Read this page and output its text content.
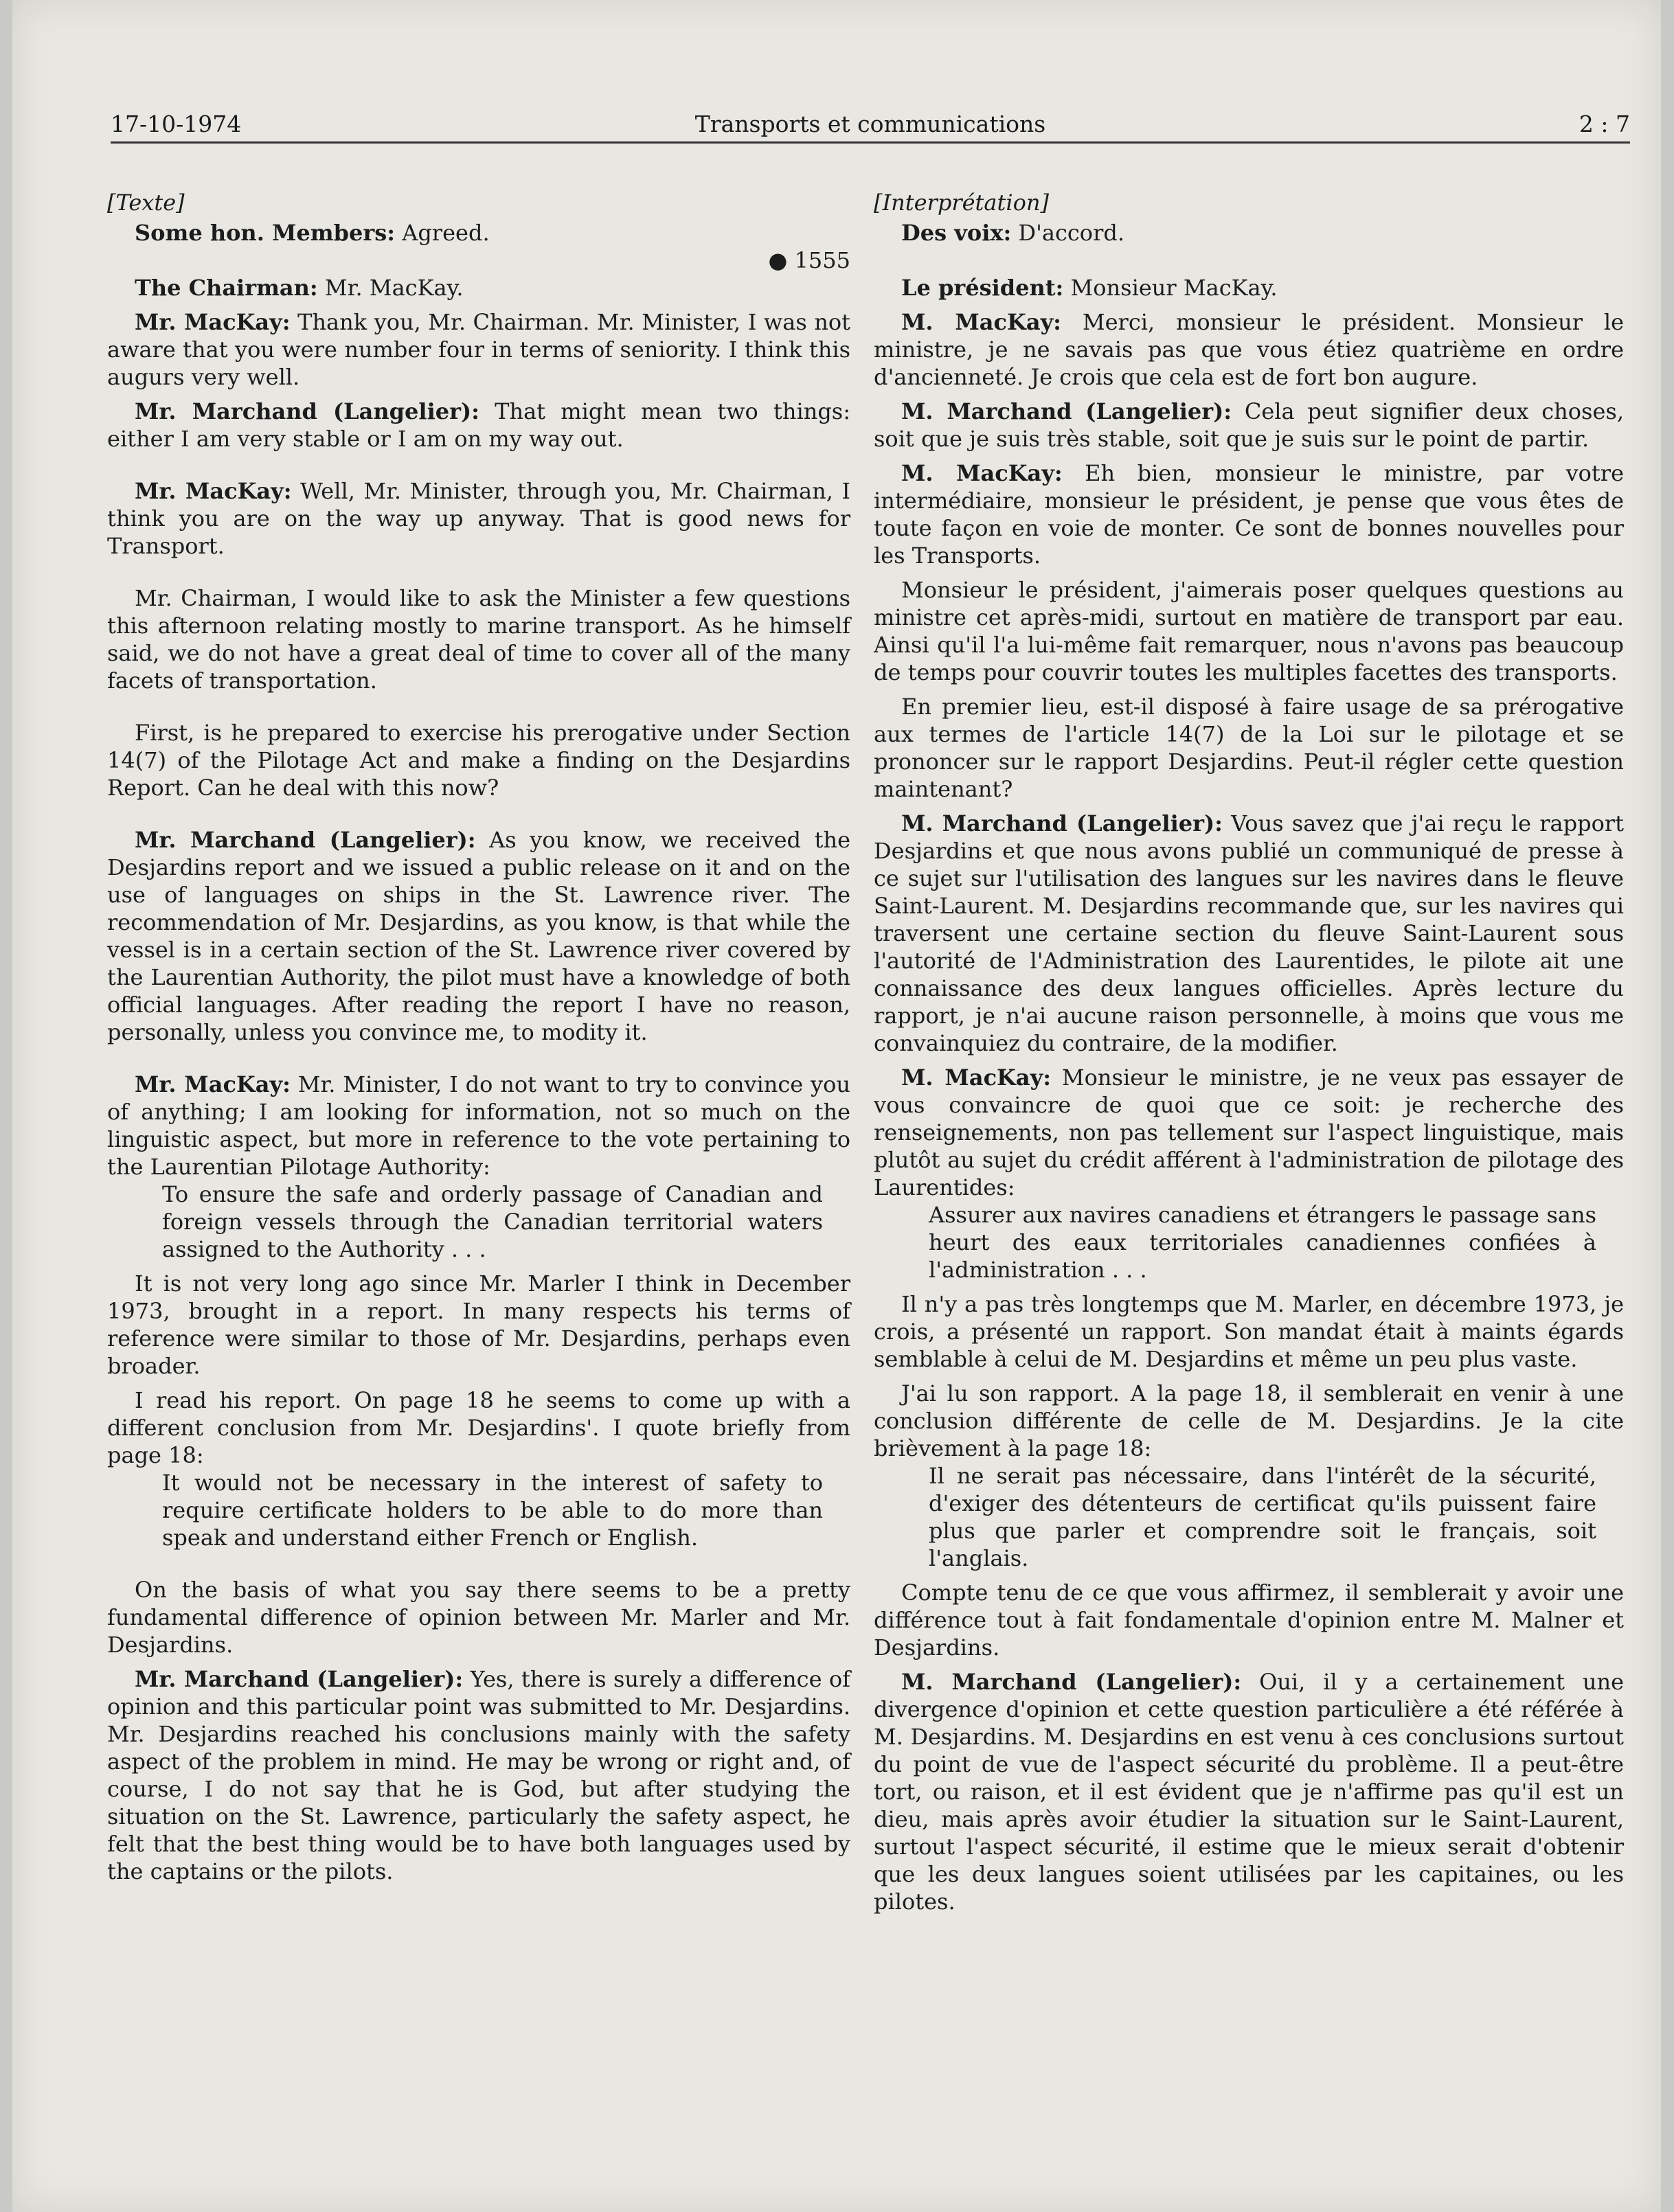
17-10-1974	Transports et communications	2 : 7

[Texte]

Some hon. Members: Agreed.

● 1555

The Chairman: Mr. MacKay.

Mr. MacKay: Thank you, Mr. Chairman. Mr. Minister, I was not aware that you were number four in terms of seniority. I think this augurs very well.

Mr. Marchand (Langelier): That might mean two things: either I am very stable or I am on my way out.

Mr. MacKay: Well, Mr. Minister, through you, Mr. Chairman, I think you are on the way up anyway. That is good news for Transport.

Mr. Chairman, I would like to ask the Minister a few questions this afternoon relating mostly to marine transport. As he himself said, we do not have a great deal of time to cover all of the many facets of transportation.

First, is he prepared to exercise his prerogative under Section 14(7) of the Pilotage Act and make a finding on the Desjardins Report. Can he deal with this now?

Mr. Marchand (Langelier): As you know, we received the Desjardins report and we issued a public release on it and on the use of languages on ships in the St. Lawrence river. The recommendation of Mr. Desjardins, as you know, is that while the vessel is in a certain section of the St. Lawrence river covered by the Laurentian Authority, the pilot must have a knowledge of both official languages. After reading the report I have no reason, personally, unless you convince me, to modity it.

Mr. MacKay: Mr. Minister, I do not want to try to convince you of anything; I am looking for information, not so much on the linguistic aspect, but more in reference to the vote pertaining to the Laurentian Pilotage Authority:

To ensure the safe and orderly passage of Canadian and foreign vessels through the Canadian territorial waters assigned to the Authority . . .

It is not very long ago since Mr. Marler I think in December 1973, brought in a report. In many respects his terms of reference were similar to those of Mr. Desjardins, perhaps even broader.

I read his report. On page 18 he seems to come up with a different conclusion from Mr. Desjardins'. I quote briefly from page 18:

It would not be necessary in the interest of safety to require certificate holders to be able to do more than speak and understand either French or English.

On the basis of what you say there seems to be a pretty fundamental difference of opinion between Mr. Marler and Mr. Desjardins.

Mr. Marchand (Langelier): Yes, there is surely a difference of opinion and this particular point was submitted to Mr. Desjardins. Mr. Desjardins reached his conclusions mainly with the safety aspect of the problem in mind. He may be wrong or right and, of course, I do not say that he is God, but after studying the situation on the St. Lawrence, particularly the safety aspect, he felt that the best thing would be to have both languages used by the captains or the pilots.

[Interprétation]

Des voix: D'accord.

Le président: Monsieur MacKay.

M. MacKay: Merci, monsieur le président. Monsieur le ministre, je ne savais pas que vous étiez quatrième en ordre d'ancienneté. Je crois que cela est de fort bon augure.

M. Marchand (Langelier): Cela peut signifier deux choses, soit que je suis très stable, soit que je suis sur le point de partir.

M. MacKay: Eh bien, monsieur le ministre, par votre intermédiaire, monsieur le président, je pense que vous êtes de toute façon en voie de monter. Ce sont de bonnes nouvelles pour les Transports.

Monsieur le président, j'aimerais poser quelques questions au ministre cet après-midi, surtout en matière de transport par eau. Ainsi qu'il l'a lui-même fait remarquer, nous n'avons pas beaucoup de temps pour couvrir toutes les multiples facettes des transports.

En premier lieu, est-il disposé à faire usage de sa prérogative aux termes de l'article 14(7) de la Loi sur le pilotage et se prononcer sur le rapport Desjardins. Peut-il régler cette question maintenant?

M. Marchand (Langelier): Vous savez que j'ai reçu le rapport Desjardins et que nous avons publié un communiqué de presse à ce sujet sur l'utilisation des langues sur les navires dans le fleuve Saint-Laurent. M. Desjardins recommande que, sur les navires qui traversent une certaine section du fleuve Saint-Laurent sous l'autorité de l'Administration des Laurentides, le pilote ait une connaissance des deux langues officielles. Après lecture du rapport, je n'ai aucune raison personnelle, à moins que vous me convainquiez du contraire, de la modifier.

M. MacKay: Monsieur le ministre, je ne veux pas essayer de vous convaincre de quoi que ce soit: je recherche des renseignements, non pas tellement sur l'aspect linguistique, mais plutôt au sujet du crédit afférent à l'administration de pilotage des Laurentides:

Assurer aux navires canadiens et étrangers le passage sans heurt des eaux territoriales canadiennes confiées à l'administration . . .

Il n'y a pas très longtemps que M. Marler, en décembre 1973, je crois, a présenté un rapport. Son mandat était à maints égards semblable à celui de M. Desjardins et même un peu plus vaste.

J'ai lu son rapport. A la page 18, il semblerait en venir à une conclusion différente de celle de M. Desjardins. Je la cite brièvement à la page 18:

Il ne serait pas nécessaire, dans l'intérêt de la sécurité, d'exiger des détenteurs de certificat qu'ils puissent faire plus que parler et comprendre soit le français, soit l'anglais.

Compte tenu de ce que vous affirmez, il semblerait y avoir une différence tout à fait fondamentale d'opinion entre M. Malner et Desjardins.

M. Marchand (Langelier): Oui, il y a certainement une divergence d'opinion et cette question particulière a été référée à M. Desjardins. M. Desjardins en est venu à ces conclusions surtout du point de vue de l'aspect sécurité du problème. Il a peut-être tort, ou raison, et il est évident que je n'affirme pas qu'il est un dieu, mais après avoir étudier la situation sur le Saint-Laurent, surtout l'aspect sécurité, il estime que le mieux serait d'obtenir que les deux langues soient utilisées par les capitaines, ou les pilotes.
